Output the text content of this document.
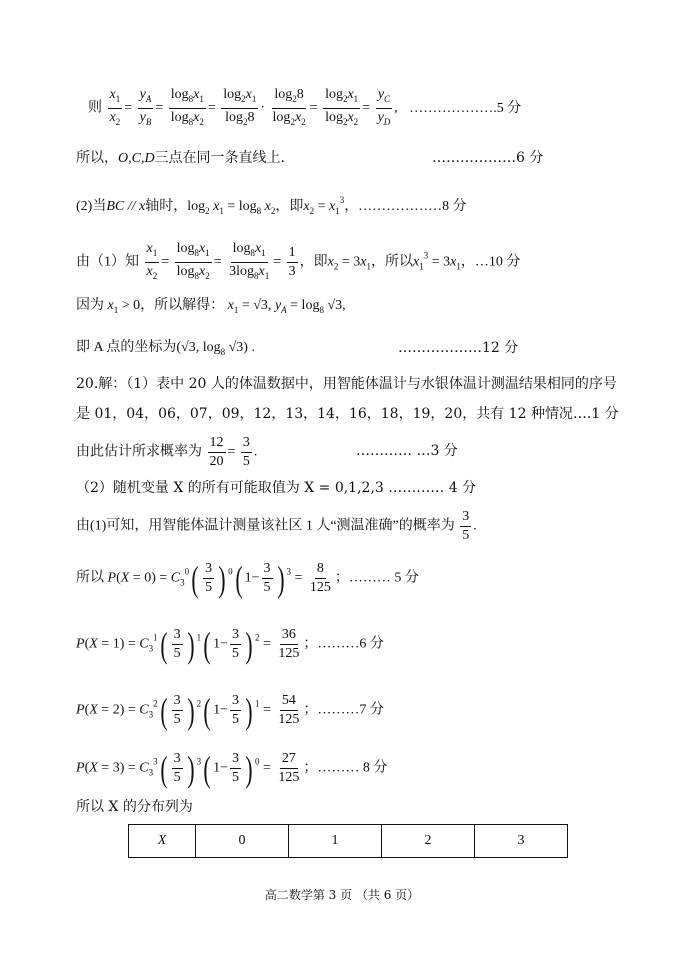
则 $\frac{x_1}{x_2} = \frac{y_A}{y_B} = \frac{\log_8x_1}{\log_8x_2} = \frac{\log_2x_1}{\log_28} \cdot \frac{\log_28}{\log_2x_2} = \frac{\log_2x_1}{\log_2x_2} = \frac{y_C}{y_D}$ , ……………….5 分
所以，O,C,D三点在同一条直线上.	………………6 分
(2)当BC // x轴时，$\log_2 x_1 = \log_8 x_2$，即$x_2 = x_1^3$，………………8 分
由（1）知 $\frac{x_1}{x_2} = \frac{\log_8x_1}{\log_8x_2} = \frac{\log_8x_1}{3\log_8x_1} = \frac{1}{3}$ ，即$x_2 = 3x_1$，所以$x_1^3 = 3x_1$，…10 分
因为 $x_1 > 0$，所以解得： $x_1 = √3$, $y_A = \log_8 √3$,
即 A 点的坐标为(√3, $\log_8 √3$) .	………………12 分
20.解：（1）表中 20 人的体温数据中，用智能体温计与水银体温计测温结果相同的序号
是 01，04，06，07，09，12，13，14，16，18，19，20，共有 12 种情况….1 分
由此估计所求概率为 $\frac{12}{20} = \frac{3}{5}$ .	………… …3 分
（2）随机变量 X 的所有可能取值为 X = 0,1,2,3 ………… 4 分
由(1)可知，用智能体温计测量该社区 1 人“测温准确”的概率为 $\frac{3}{5}$ .
所以 $P(X = 0) = C_3^0( \frac{3}{5}$ ) $^0$( $1- \frac{3}{5}$ ) $^3 = \frac{8}{125}$ ；……… 5 分
$P(X = 1) = C_3^1( \frac{3}{5}$ ) $^1$( $1- \frac{3}{5}$ ) $^2 = \frac{36}{125}$ ；………6 分
$P(X = 2) = C_3^2( \frac{3}{5}$ ) $^2$( $1- \frac{3}{5}$ ) $^1 = \frac{54}{125}$ ；………7 分
$P(X = 3) = C_3^3( \frac{3}{5}$ ) $^3$( $1- \frac{3}{5}$ ) $^0 = \frac{27}{125}$ ；……… 8 分
所以 X 的分布列为
X	0	1	2	3
高二数学第 3 页 （共 6 页）
